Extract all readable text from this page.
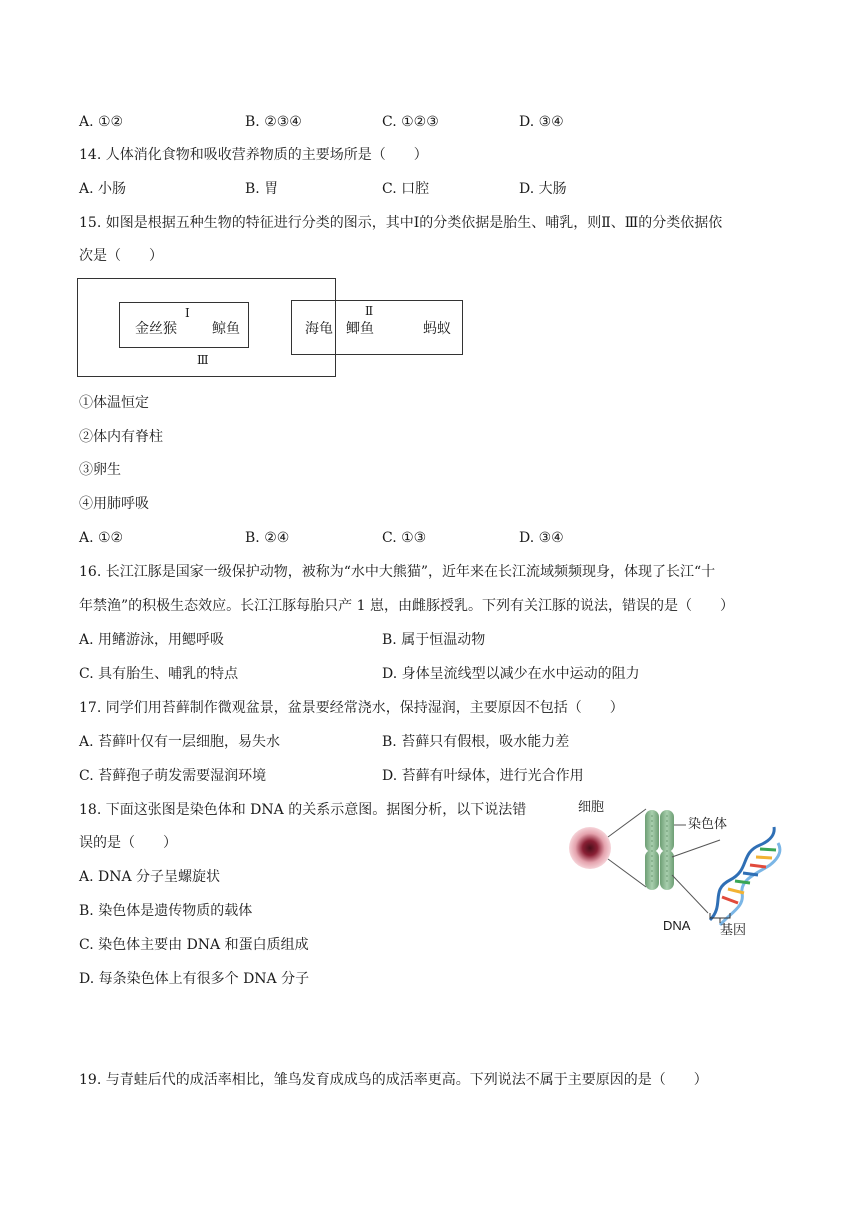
A. ①②	B. ②③④	C. ①②③	D. ③④
14. 人体消化食物和吸收营养物质的主要场所是（　　）
A. 小肠	B. 胃	C. 口腔	D. 大肠
15. 如图是根据五种生物的特征进行分类的图示，其中Ⅰ的分类依据是胎生、哺乳，则Ⅱ、Ⅲ的分类依据依
次是（　　）
Ⅰ
金丝猴	鲸鱼
Ⅱ
海龟 鲫鱼	蚂蚁
Ⅲ
①体温恒定
②体内有脊柱
③卵生
④用肺呼吸
A. ①②	B. ②④	C. ①③	D. ③④
16. 长江江豚是国家一级保护动物，被称为“水中大熊猫”，近年来在长江流域频频现身，体现了长江“十
年禁渔”的积极生态效应。长江江豚每胎只产 1 崽，由雌豚授乳。下列有关江豚的说法，错误的是（　　）
A. 用鳍游泳，用鳃呼吸	B. 属于恒温动物
C. 具有胎生、哺乳的特点	D. 身体呈流线型以减少在水中运动的阻力
17. 同学们用苔藓制作微观盆景，盆景要经常浇水，保持湿润，主要原因不包括（　　）
A. 苔藓叶仅有一层细胞，易失水	B. 苔藓只有假根，吸水能力差
C. 苔藓孢子萌发需要湿润环境	D. 苔藓有叶绿体，进行光合作用
18. 下面这张图是染色体和 DNA 的关系示意图。据图分析，以下说法错
误的是（　　）
A. DNA 分子呈螺旋状
B. 染色体是遗传物质的载体
C. 染色体主要由 DNA 和蛋白质组成
D. 每条染色体上有很多个 DNA 分子
细胞
染色体
DNA 基因
19. 与青蛙后代的成活率相比，雏鸟发育成成鸟的成活率更高。下列说法不属于主要原因的是（　　）
